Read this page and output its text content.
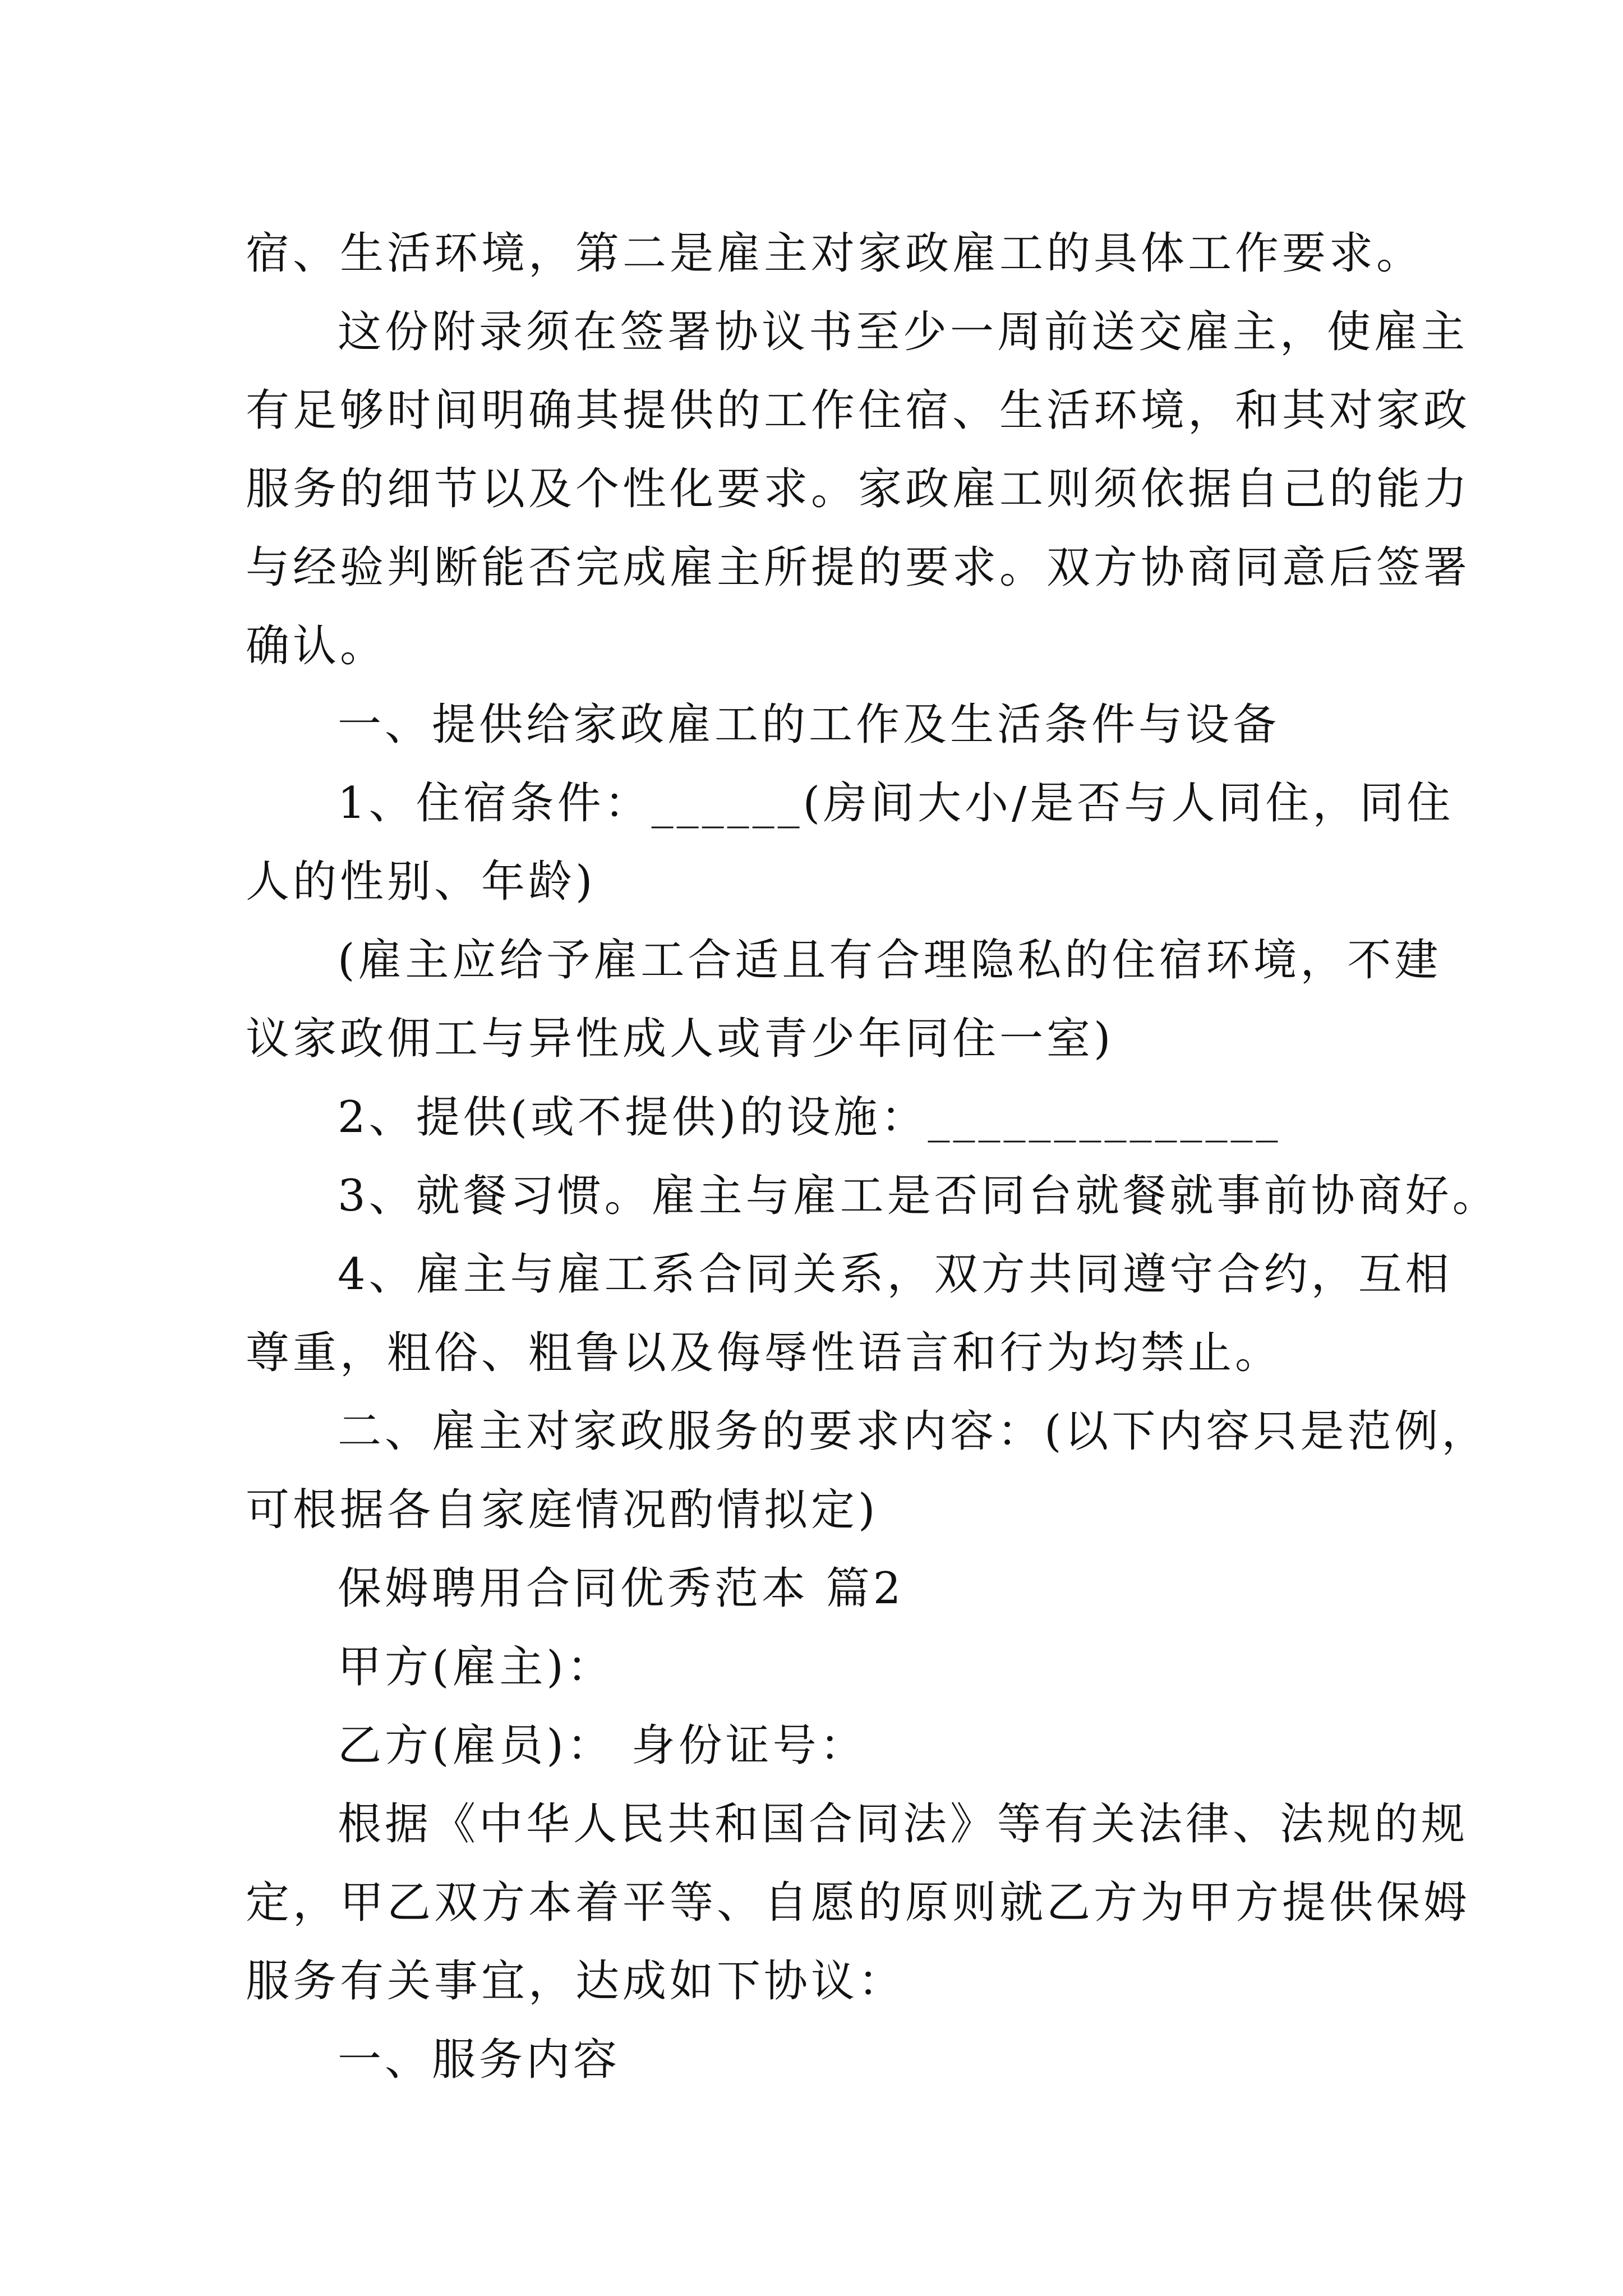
宿、生活环境，第二是雇主对家政雇工的具体工作要求。
这份附录须在签署协议书至少一周前送交雇主，使雇主
有足够时间明确其提供的工作住宿、生活环境，和其对家政
服务的细节以及个性化要求。家政雇工则须依据自己的能力
与经验判断能否完成雇主所提的要求。双方协商同意后签署
确认。
一、提供给家政雇工的工作及生活条件与设备
1、住宿条件：______(房间大小/是否与人同住，同住
人的性别、年龄)
(雇主应给予雇工合适且有合理隐私的住宿环境，不建
议家政佣工与异性成人或青少年同住一室)
2、提供(或不提供)的设施：______________
3、就餐习惯。雇主与雇工是否同台就餐就事前协商好。
4、雇主与雇工系合同关系，双方共同遵守合约，互相
尊重，粗俗、粗鲁以及侮辱性语言和行为均禁止。
二、雇主对家政服务的要求内容：(以下内容只是范例，
可根据各自家庭情况酌情拟定)
保姆聘用合同优秀范本 篇2
甲方(雇主)：
乙方(雇员)： 身份证号：
根据《中华人民共和国合同法》等有关法律、法规的规
定，甲乙双方本着平等、自愿的原则就乙方为甲方提供保姆
服务有关事宜，达成如下协议：
一、服务内容
